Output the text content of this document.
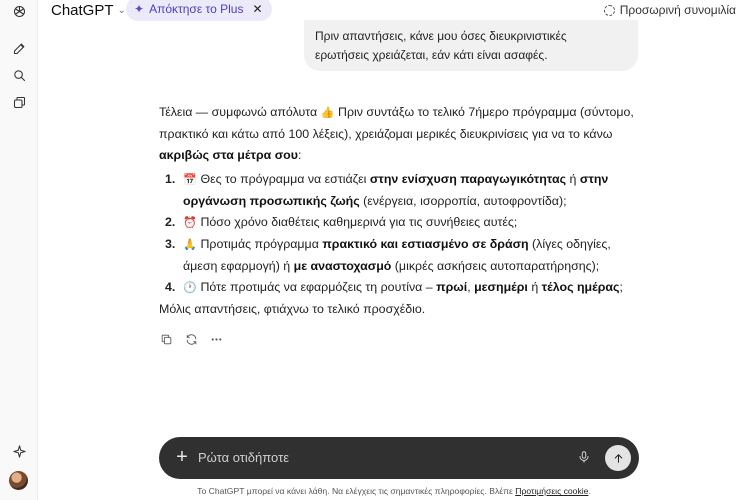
ChatGPT ⌄ ✦ Απόκτησε το Plus ✕	Προσωρινή συνομιλία
Πριν απαντήσεις, κάνε μου όσες διευκρινιστικές
ερωτήσεις χρειάζεται, εάν κάτι είναι ασαφές.

Τέλεια — συμφωνώ απόλυτα 👍 Πριν συντάξω το τελικό 7ήμερο πρόγραμμα (σύντομο, πρακτικό και κάτω από 100 λέξεις), χρειάζομαι μερικές διευκρινίσεις για να το κάνω ακριβώς στα μέτρα σου:

1. 📅 Θες το πρόγραμμα να εστιάζει στην ενίσχυση παραγωγικότητας ή στην οργάνωση προσωπικής ζωής (ενέργεια, ισορροπία, αυτοφροντίδα);
2. ⏰ Πόσο χρόνο διαθέτεις καθημερινά για τις συνήθειες αυτές;
3. 🙏 Προτιμάς πρόγραμμα πρακτικό και εστιασμένο σε δράση (λίγες οδηγίες, άμεση εφαρμογή) ή με αναστοχασμό (μικρές ασκήσεις αυτοπαρατήρησης);
4. 🕐 Πότε προτιμάς να εφαρμόζεις τη ρουτίνα – πρωί, μεσημέρι ή τέλος ημέρας;

Μόλις απαντήσεις, φτιάχνω το τελικό προσχέδιο.

+ Ρώτα οτιδήποτε
Το ChatGPT μπορεί να κάνει λάθη. Να ελέγχεις τις σημαντικές πληροφορίες. Βλέπε Προτιμήσεις cookie.
